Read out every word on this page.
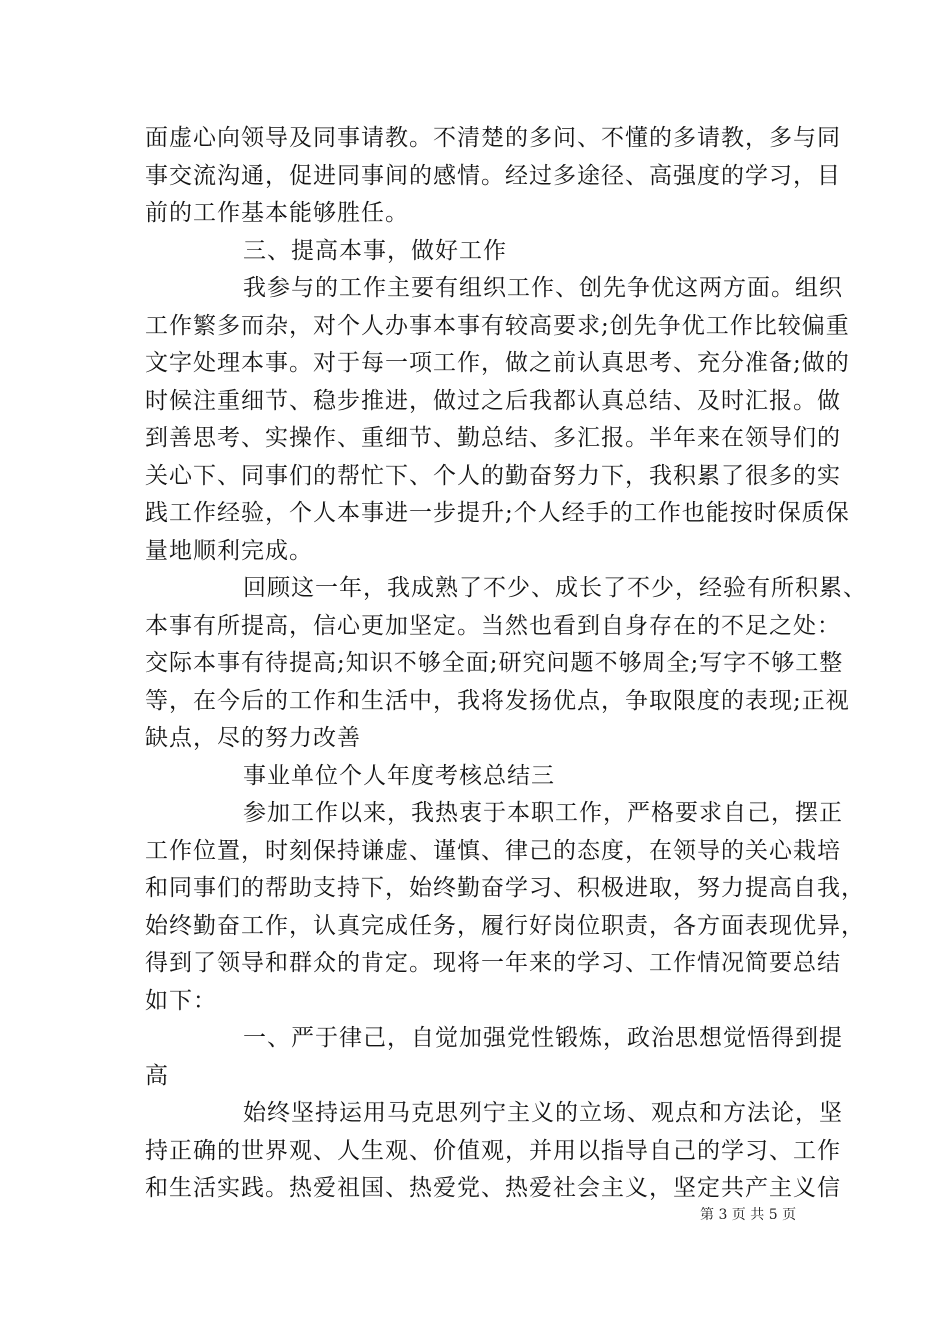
面虚心向领导及同事请教。不清楚的多问、不懂的多请教，多与同
事交流沟通，促进同事间的感情。经过多途径、高强度的学习，目
前的工作基本能够胜任。
三、提高本事，做好工作
我参与的工作主要有组织工作、创先争优这两方面。组织
工作繁多而杂，对个人办事本事有较高要求;创先争优工作比较偏重
文字处理本事。对于每一项工作，做之前认真思考、充分准备;做的
时候注重细节、稳步推进，做过之后我都认真总结、及时汇报。做
到善思考、实操作、重细节、勤总结、多汇报。半年来在领导们的
关心下、同事们的帮忙下、个人的勤奋努力下，我积累了很多的实
践工作经验，个人本事进一步提升;个人经手的工作也能按时保质保
量地顺利完成。
回顾这一年，我成熟了不少、成长了不少，经验有所积累、
本事有所提高，信心更加坚定。当然也看到自身存在的不足之处：
交际本事有待提高;知识不够全面;研究问题不够周全;写字不够工整
等，在今后的工作和生活中，我将发扬优点，争取限度的表现;正视
缺点，尽的努力改善
事业单位个人年度考核总结三
参加工作以来，我热衷于本职工作，严格要求自己，摆正
工作位置，时刻保持谦虚、谨慎、律己的态度，在领导的关心栽培
和同事们的帮助支持下，始终勤奋学习、积极进取，努力提高自我，
始终勤奋工作，认真完成任务，履行好岗位职责，各方面表现优异，
得到了领导和群众的肯定。现将一年来的学习、工作情况简要总结
如下：
一、严于律己，自觉加强党性锻炼，政治思想觉悟得到提
高
始终坚持运用马克思列宁主义的立场、观点和方法论，坚
持正确的世界观、人生观、价值观，并用以指导自己的学习、工作
和生活实践。热爱祖国、热爱党、热爱社会主义，坚定共产主义信
第 3 页 共 5 页
